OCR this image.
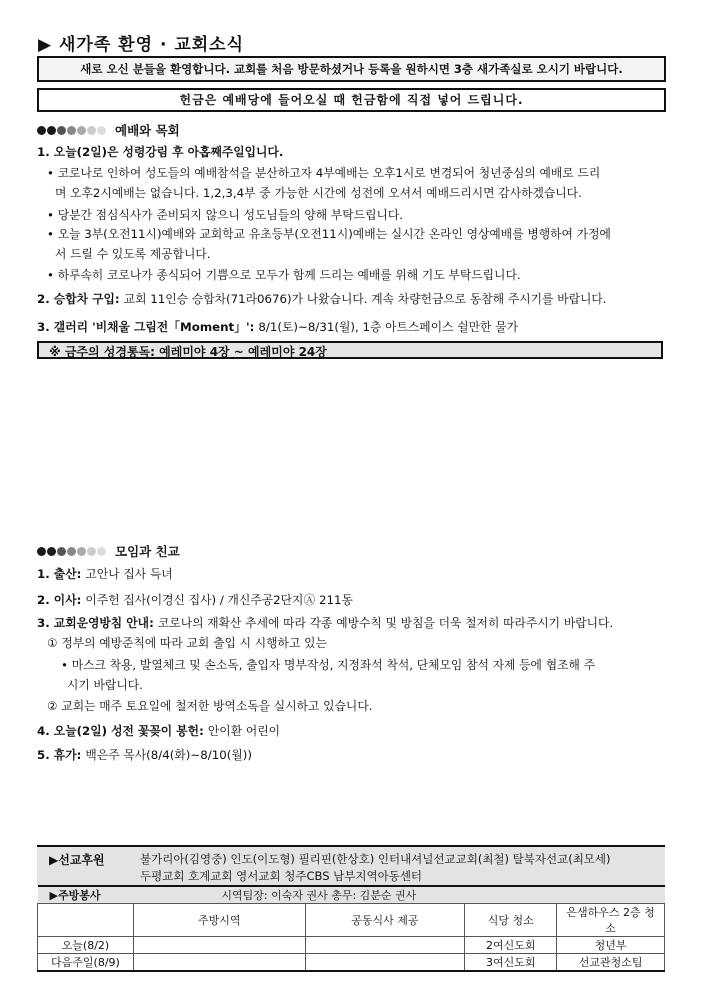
▶ 새가족 환영 · 교회소식
새로 오신 분들을 환영합니다. 교회를 처음 방문하셨거나 등록을 원하시면 3층 새가족실로 오시기 바랍니다.
헌금은 예배당에 들어오실 때 헌금함에 직접 넣어 드립니다.
예배와 목회
1. 오늘(2일)은 성령강림 후 아홉째주일입니다.
• 코로나로 인하여 성도들의 예배참석을 분산하고자 4부예배는 오후1시로 변경되어 청년중심의 예배로 드리
며 오후2시예배는 없습니다. 1,2,3,4부 중 가능한 시간에 성전에 오셔서 예배드리시면 감사하겠습니다.
• 당분간 점심식사가 준비되지 않으니 성도님들의 양해 부탁드립니다.
• 오늘 3부(오전11시)예배와 교회학교 유초등부(오전11시)예배는 실시간 온라인 영상예배를 병행하여 가정에
서 드릴 수 있도록 제공합니다.
• 하루속히 코로나가 종식되어 기쁨으로 모두가 함께 드리는 예배를 위해 기도 부탁드립니다.
2. 승합차 구입: 교회 11인승 승합차(71라0676)가 나왔습니다. 계속 차량헌금으로 동참해 주시기를 바랍니다.
3. 갤러리 '비채울 그림전「Moment」': 8/1(토)~8/31(월), 1층 아트스페이스 쉴만한 물가
※ 금주의 성경통독: 예레미야 4장 ~ 예레미야 24장
모임과 친교
1. 출산: 고안나 집사 득녀
2. 이사: 이주헌 집사(이경신 집사) / 개신주공2단지Ⓐ 211동
3. 교회운영방침 안내: 코로나의 재확산 추세에 따라 각종 예방수칙 및 방침을 더욱 철저히 따라주시기 바랍니다.
① 정부의 예방준칙에 따라 교회 출입 시 시행하고 있는
• 마스크 착용, 발열체크 및 손소독, 출입자 명부작성, 지정좌석 착석, 단체모임 참석 자제 등에 협조해 주
시기 바랍니다.
② 교회는 매주 토요일에 철저한 방역소독을 실시하고 있습니다.
4. 오늘(2일) 성전 꽃꽂이 봉헌: 안이환 어린이
5. 휴가: 백은주 목사(8/4(화)~8/10(월))
▶선교후원	불가리아(김영중) 인도(이도형) 필리핀(한상호) 인터내셔널선교교회(최철) 탈북자선교(최모세)
두평교회 호계교회 영서교회 청주CBS 남부지역아동센터
▶주방봉사	시역팀장: 이숙자 권사 총무: 김분순 권사			
	주방시역	공동식사 제공	식당 청소	은샘하우스 2층 청소
오늘(8/2)			2여신도회	청년부
다음주일(8/9)			3여신도회	선교관청소팀
